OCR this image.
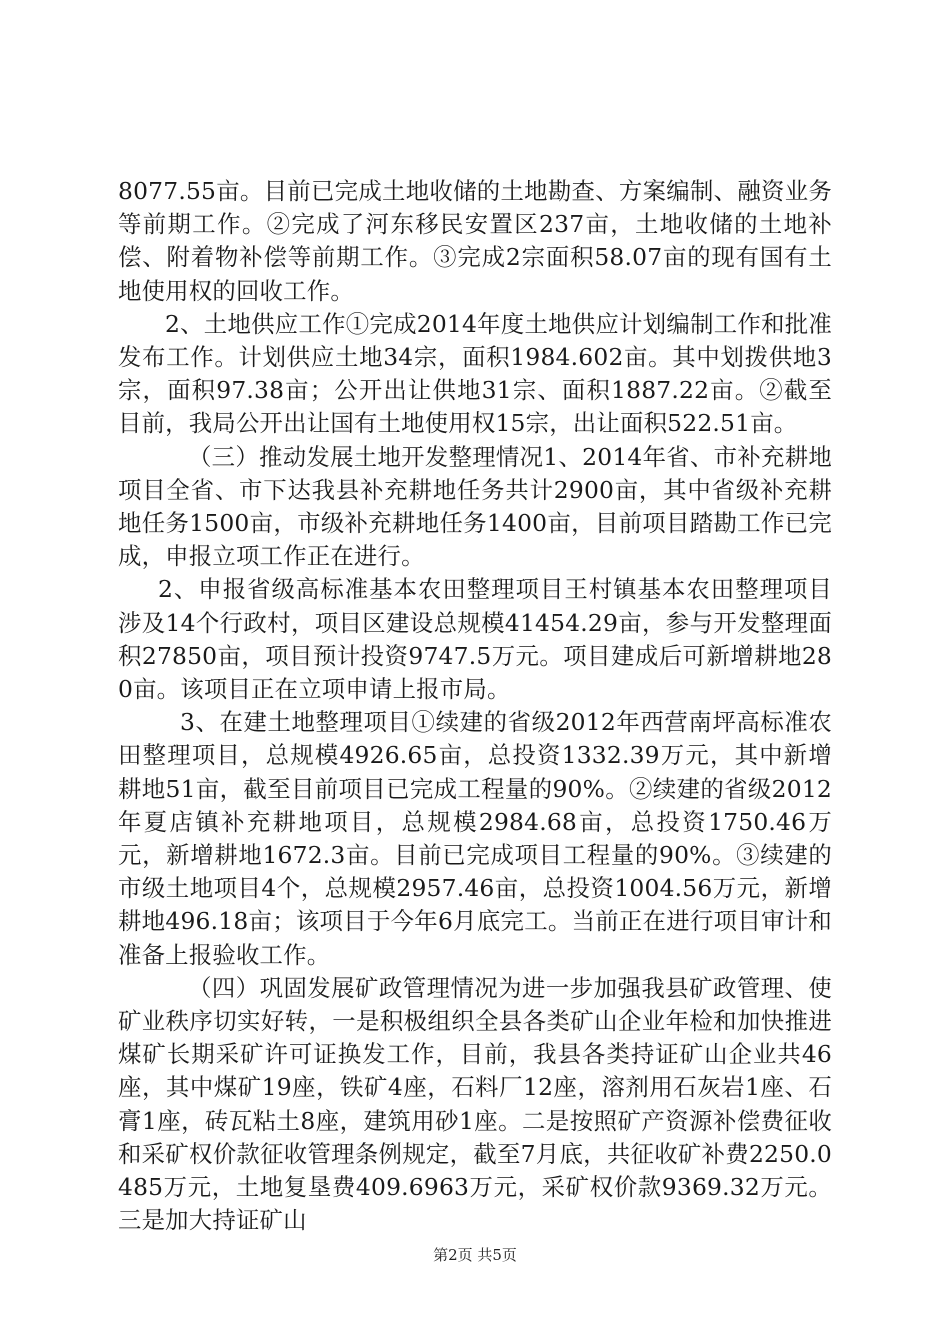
8077.55亩。目前已完成土地收储的土地勘查、方案编制、融资业务等前期工作。②完成了河东移民安置区237亩，土地收储的土地补偿、附着物补偿等前期工作。③完成2宗面积58.07亩的现有国有土地使用权的回收工作。

2、土地供应工作①完成2014年度土地供应计划编制工作和批准发布工作。计划供应土地34宗，面积1984.602亩。其中划拨供地3宗，面积97.38亩；公开出让供地31宗、面积1887.22亩。②截至目前，我局公开出让国有土地使用权15宗，出让面积522.51亩。

（三）推动发展土地开发整理情况1、2014年省、市补充耕地项目全省、市下达我县补充耕地任务共计2900亩，其中省级补充耕地任务1500亩，市级补充耕地任务1400亩，目前项目踏勘工作已完成，申报立项工作正在进行。

2、申报省级高标准基本农田整理项目王村镇基本农田整理项目涉及14个行政村，项目区建设总规模41454.29亩，参与开发整理面积27850亩，项目预计投资9747.5万元。项目建成后可新增耕地280亩。该项目正在立项申请上报市局。

3、在建土地整理项目①续建的省级2012年西营南坪高标准农田整理项目，总规模4926.65亩，总投资1332.39万元，其中新增耕地51亩，截至目前项目已完成工程量的90%。②续建的省级2012年夏店镇补充耕地项目，总规模2984.68亩，总投资1750.46万元，新增耕地1672.3亩。目前已完成项目工程量的90%。③续建的市级土地项目4个，总规模2957.46亩，总投资1004.56万元，新增耕地496.18亩；该项目于今年6月底完工。当前正在进行项目审计和准备上报验收工作。

（四）巩固发展矿政管理情况为进一步加强我县矿政管理、使矿业秩序切实好转，一是积极组织全县各类矿山企业年检和加快推进煤矿长期采矿许可证换发工作，目前，我县各类持证矿山企业共46座，其中煤矿19座，铁矿4座，石料厂12座，溶剂用石灰岩1座、石膏1座，砖瓦粘土8座，建筑用砂1座。二是按照矿产资源补偿费征收和采矿权价款征收管理条例规定，截至7月底，共征收矿补费2250.0485万元，土地复垦费409.6963万元，采矿权价款9369.32万元。三是加大持证矿山

第2页 共5页
